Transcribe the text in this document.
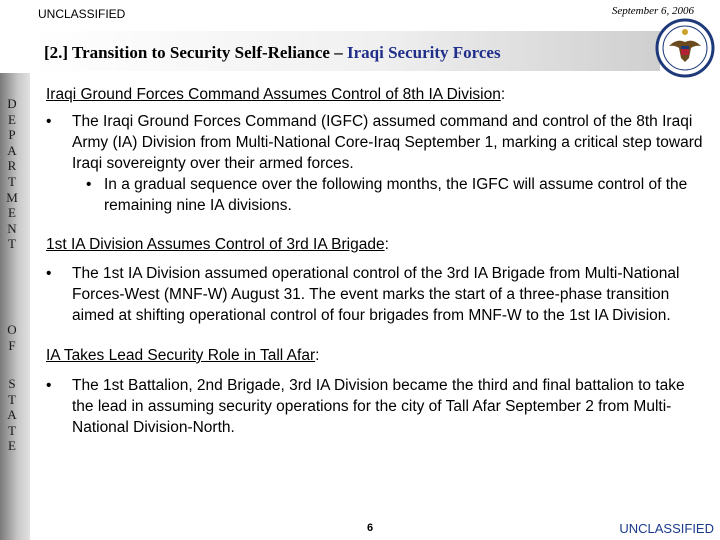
UNCLASSIFIED	September 6, 2006
[2.] Transition to Security Self-Reliance – Iraqi Security Forces
D
E
P
A
R
T
M
E
N
T
O
F
S
T
A
T
E

Iraqi Ground Forces Command Assumes Control of 8th IA Division:

• The Iraqi Ground Forces Command (IGFC) assumed command and control of the 8th Iraqi Army (IA) Division from Multi-National Core-Iraq September 1, marking a critical step toward Iraqi sovereignty over their armed forces.

• In a gradual sequence over the following months, the IGFC will assume control of the remaining nine IA divisions.

1st IA Division Assumes Control of 3rd IA Brigade:

• The 1st IA Division assumed operational control of the 3rd IA Brigade from Multi-National Forces-West (MNF-W) August 31. The event marks the start of a three-phase transition aimed at shifting operational control of four brigades from MNF-W to the 1st IA Division.

IA Takes Lead Security Role in Tall Afar:

• The 1st Battalion, 2nd Brigade, 3rd IA Division became the third and final battalion to take the lead in assuming security operations for the city of Tall Afar September 2 from Multi-National Division-North.

6	UNCLASSIFIED
